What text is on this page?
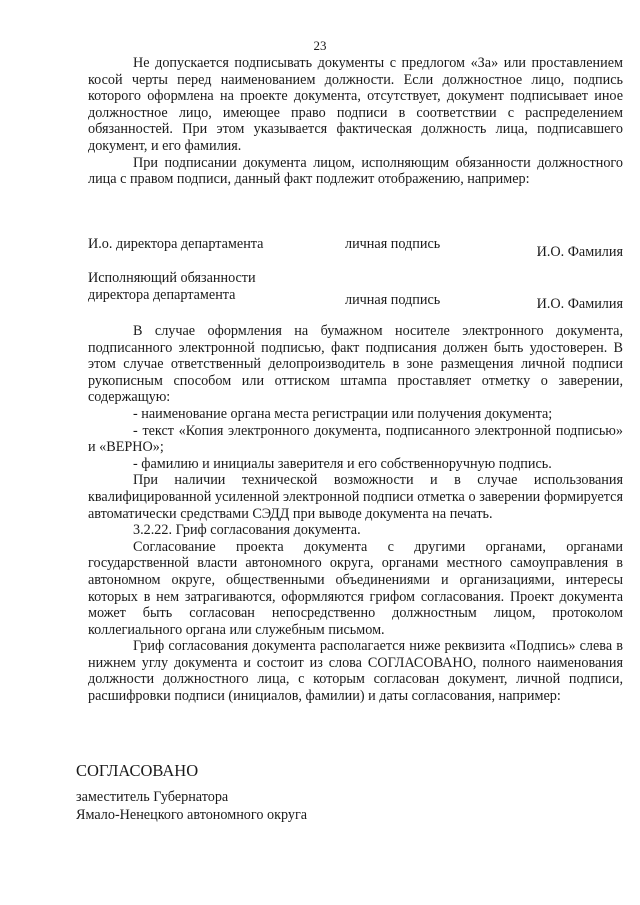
23

Не допускается подписывать документы с предлогом «За» или проставлением косой черты перед наименованием должности. Если должностное лицо, подпись которого оформлена на проекте документа, отсутствует, документ подписывает иное должностное лицо, имеющее право подписи в соответствии с распределением обязанностей. При этом указывается фактическая должность лица, подписавшего документ, и его фамилия.

При подписании документа лицом, исполняющим обязанности должностного лица с правом подписи, данный факт подлежит отображению, например:

И.о. директора департамента	личная подпись	И.О. Фамилия
Исполняющий обязанности директора департамента	личная подпись	И.О. Фамилия

В случае оформления на бумажном носителе электронного документа, подписанного электронной подписью, факт подписания должен быть удостоверен. В этом случае ответственный делопроизводитель в зоне размещения личной подписи рукописным способом или оттиском штампа проставляет отметку о заверении, содержащую:

- наименование органа места регистрации или получения документа;

- текст «Копия электронного документа, подписанного электронной подписью» и «ВЕРНО»;

- фамилию и инициалы заверителя и его собственноручную подпись.

При наличии технической возможности и в случае использования квалифицированной усиленной электронной подписи отметка о заверении формируется автоматически средствами СЭДД при выводе документа на печать.

3.2.22. Гриф согласования документа.

Согласование проекта документа с другими органами, органами государственной власти автономного округа, органами местного самоуправления в автономном округе, общественными объединениями и организациями, интересы которых в нем затрагиваются, оформляются грифом согласования. Проект документа может быть согласован непосредственно должностным лицом, протоколом коллегиального органа или служебным письмом.

Гриф согласования документа располагается ниже реквизита «Подпись» слева в нижнем углу документа и состоит из слова СОГЛАСОВАНО, полного наименования должности должностного лица, с которым согласован документ, личной подписи, расшифровки подписи (инициалов, фамилии) и даты согласования, например:

СОГЛАСОВАНО
заместитель Губернатора
Ямало-Ненецкого автономного округа
